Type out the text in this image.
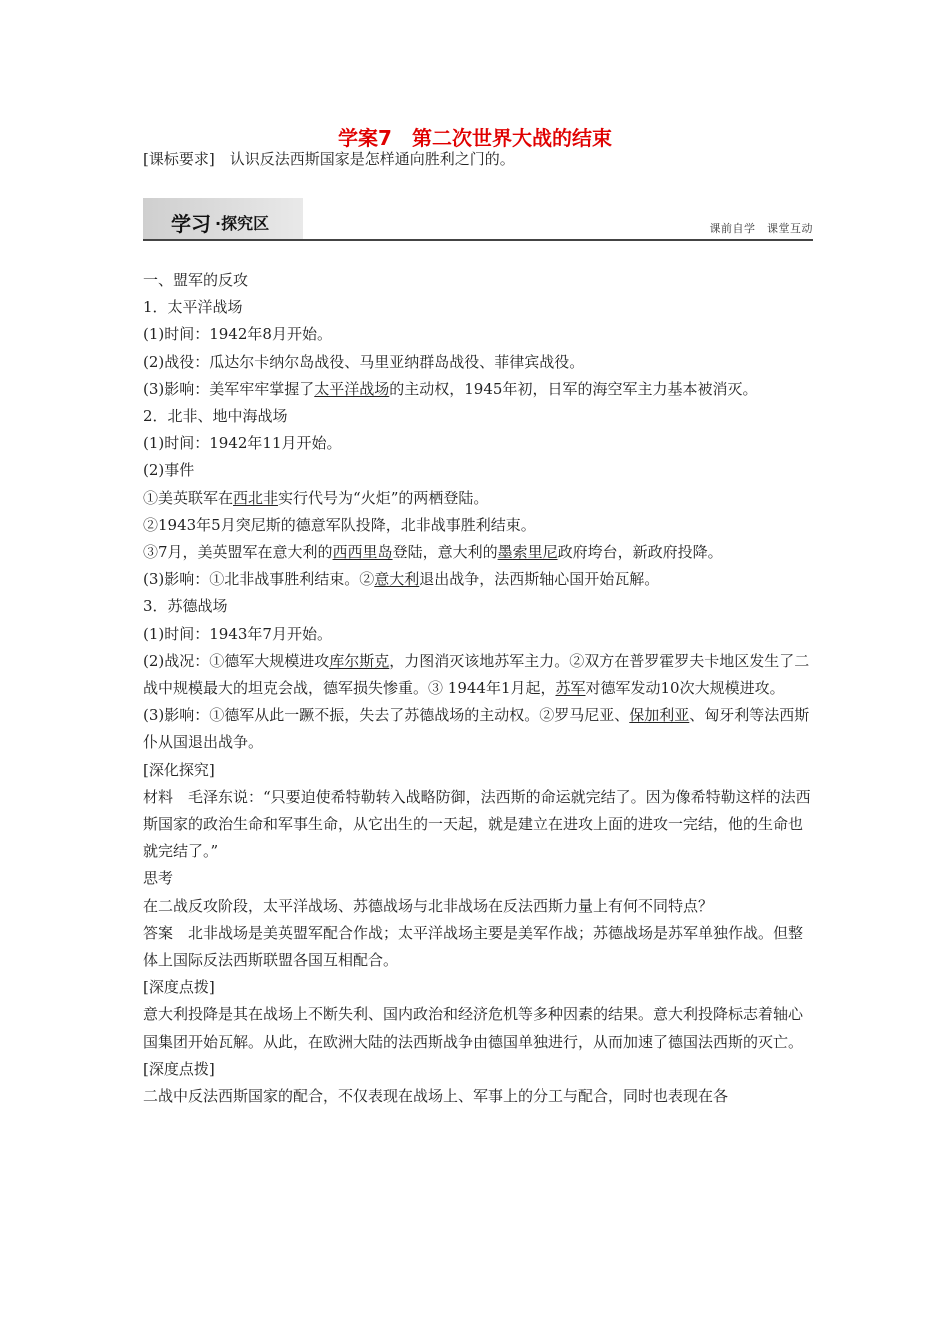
学案7　第二次世界大战的结束
[课标要求]　认识反法西斯国家是怎样通向胜利之门的。
学习 ·探究区	课前自学　课堂互动

一、盟军的反攻

1．太平洋战场

(1)时间：1942年8月开始。

(2)战役：瓜达尔卡纳尔岛战役、马里亚纳群岛战役、菲律宾战役。

(3)影响：美军牢牢掌握了太平洋战场的主动权，1945年初，日军的海空军主力基本被消灭。

2．北非、地中海战场

(1)时间：1942年11月开始。

(2)事件

①美英联军在西北非实行代号为“火炬”的两栖登陆。

②1943年5月突尼斯的德意军队投降，北非战事胜利结束。

③7月，美英盟军在意大利的西西里岛登陆，意大利的墨索里尼政府垮台，新政府投降。

(3)影响：①北非战事胜利结束。②意大利退出战争，法西斯轴心国开始瓦解。

3．苏德战场

(1)时间：1943年7月开始。

(2)战况：①德军大规模进攻库尔斯克，力图消灭该地苏军主力。②双方在普罗霍罗夫卡地区发生了二战中规模最大的坦克会战，德军损失惨重。③ 1944年1月起，苏军对德军发动10次大规模进攻。

(3)影响：①德军从此一蹶不振，失去了苏德战场的主动权。②罗马尼亚、保加利亚、匈牙利等法西斯仆从国退出战争。

[深化探究]

材料　毛泽东说：“只要迫使希特勒转入战略防御，法西斯的命运就完结了。因为像希特勒这样的法西斯国家的政治生命和军事生命，从它出生的一天起，就是建立在进攻上面的进攻一完结，他的生命也就完结了。”

思考

在二战反攻阶段，太平洋战场、苏德战场与北非战场在反法西斯力量上有何不同特点？

答案　北非战场是美英盟军配合作战；太平洋战场主要是美军作战；苏德战场是苏军单独作战。但整体上国际反法西斯联盟各国互相配合。

[深度点拨]

意大利投降是其在战场上不断失利、国内政治和经济危机等多种因素的结果。意大利投降标志着轴心国集团开始瓦解。从此，在欧洲大陆的法西斯战争由德国单独进行，从而加速了德国法西斯的灭亡。

[深度点拨]

二战中反法西斯国家的配合，不仅表现在战场上、军事上的分工与配合，同时也表现在各
